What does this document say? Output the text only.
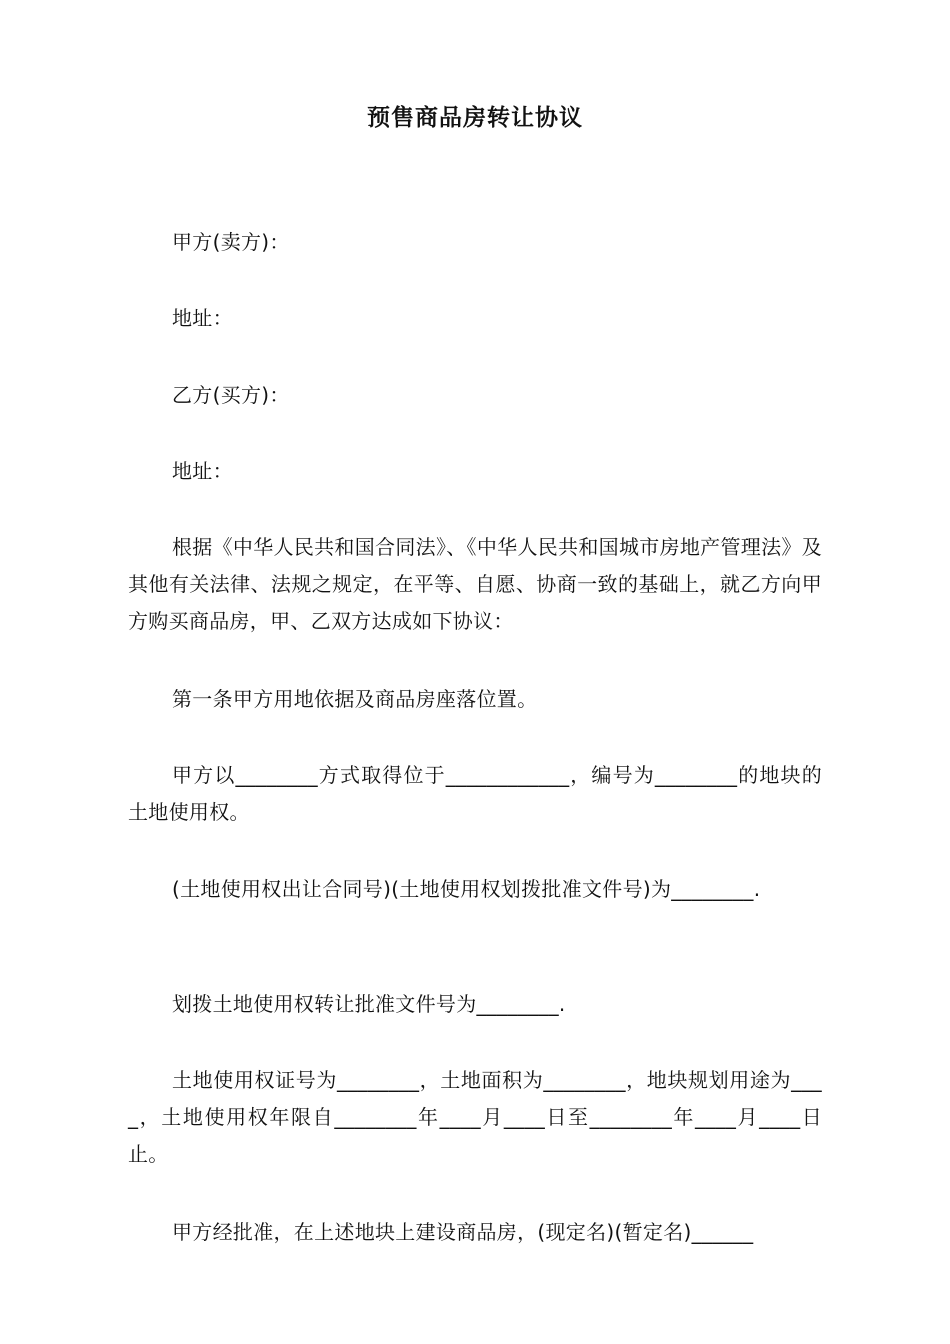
预售商品房转让协议
甲方(卖方)：
地址：
乙方(买方)：
地址：
根据《中华人民共和国合同法》、《中华人民共和国城市房地产管理法》及其他有关法律、法规之规定，在平等、自愿、协商一致的基础上，就乙方向甲方购买商品房，甲、乙双方达成如下协议：
第一条甲方用地依据及商品房座落位置。
甲方以________方式取得位于____________，编号为________的地块的土地使用权。
(土地使用权出让合同号)(土地使用权划拨批准文件号)为________.
划拨土地使用权转让批准文件号为________.
土地使用权证号为________，土地面积为________，地块规划用途为____，土地使用权年限自________年____月____日至________年____月____日止。
甲方经批准，在上述地块上建设商品房，(现定名)(暂定名)______
